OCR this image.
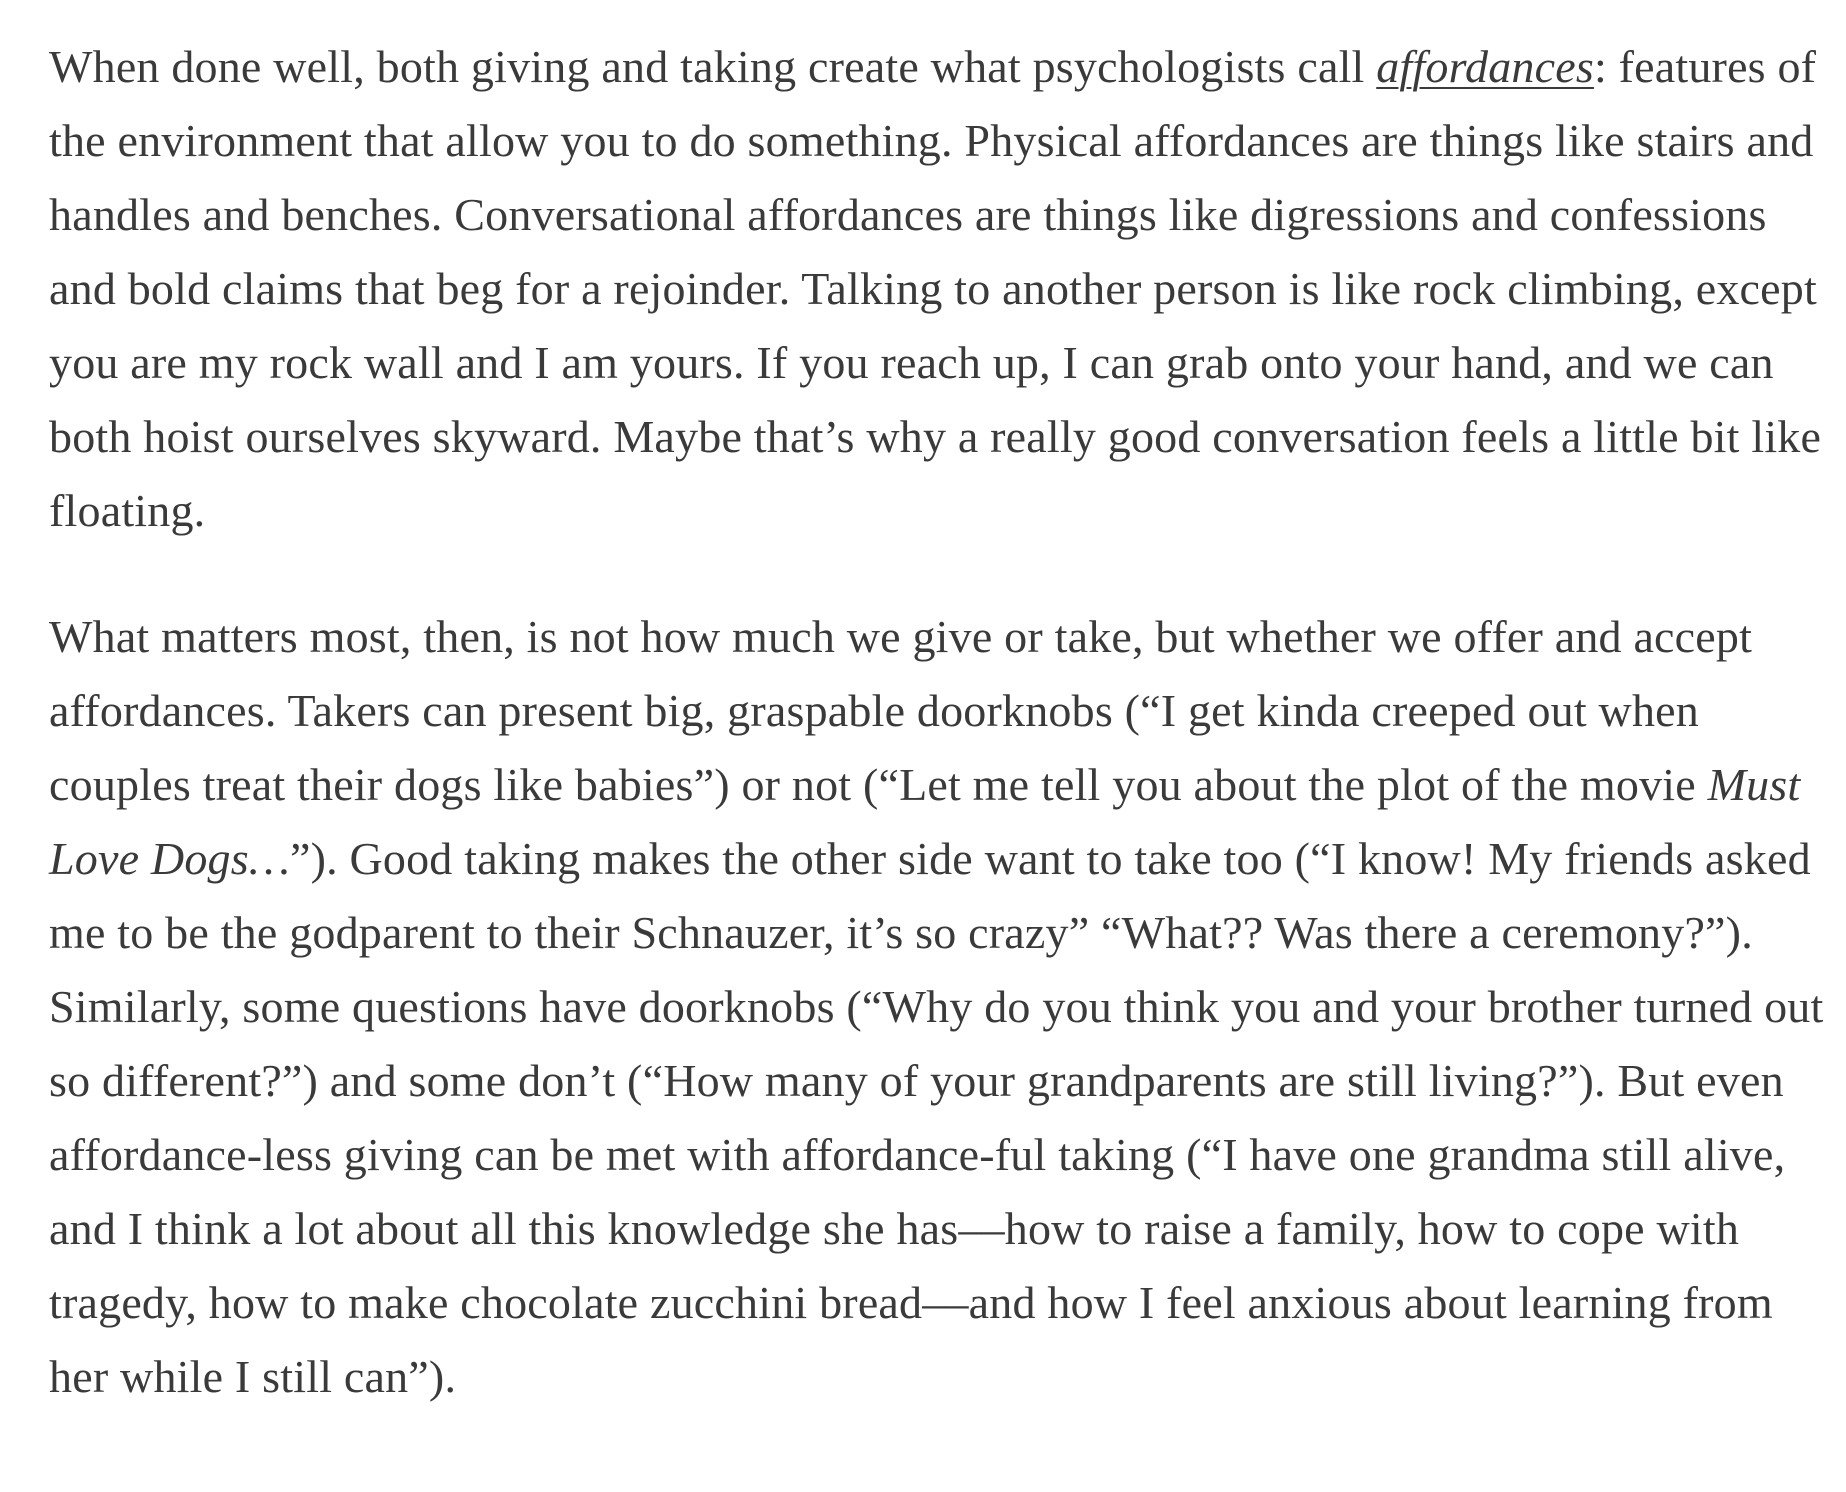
When done well, both giving and taking create what psychologists call affordances: features of the environment that allow you to do something. Physical affordances are things like stairs and handles and benches. Conversational affordances are things like digressions and confessions and bold claims that beg for a rejoinder. Talking to another person is like rock climbing, except you are my rock wall and I am yours. If you reach up, I can grab onto your hand, and we can both hoist ourselves skyward. Maybe that’s why a really good conversation feels a little bit like floating.

What matters most, then, is not how much we give or take, but whether we offer and accept affordances. Takers can present big, graspable doorknobs (“I get kinda creeped out when couples treat their dogs like babies”) or not (“Let me tell you about the plot of the movie Must Love Dogs…”). Good taking makes the other side want to take too (“I know! My friends asked me to be the godparent to their Schnauzer, it’s so crazy” “What?? Was there a ceremony?”). Similarly, some questions have doorknobs (“Why do you think you and your brother turned out so different?”) and some don’t (“How many of your grandparents are still living?”). But even affordance-less giving can be met with affordance-ful taking (“I have one grandma still alive, and I think a lot about all this knowledge she has––how to raise a family, how to cope with tragedy, how to make chocolate zucchini bread––and how I feel anxious about learning from her while I still can”).
